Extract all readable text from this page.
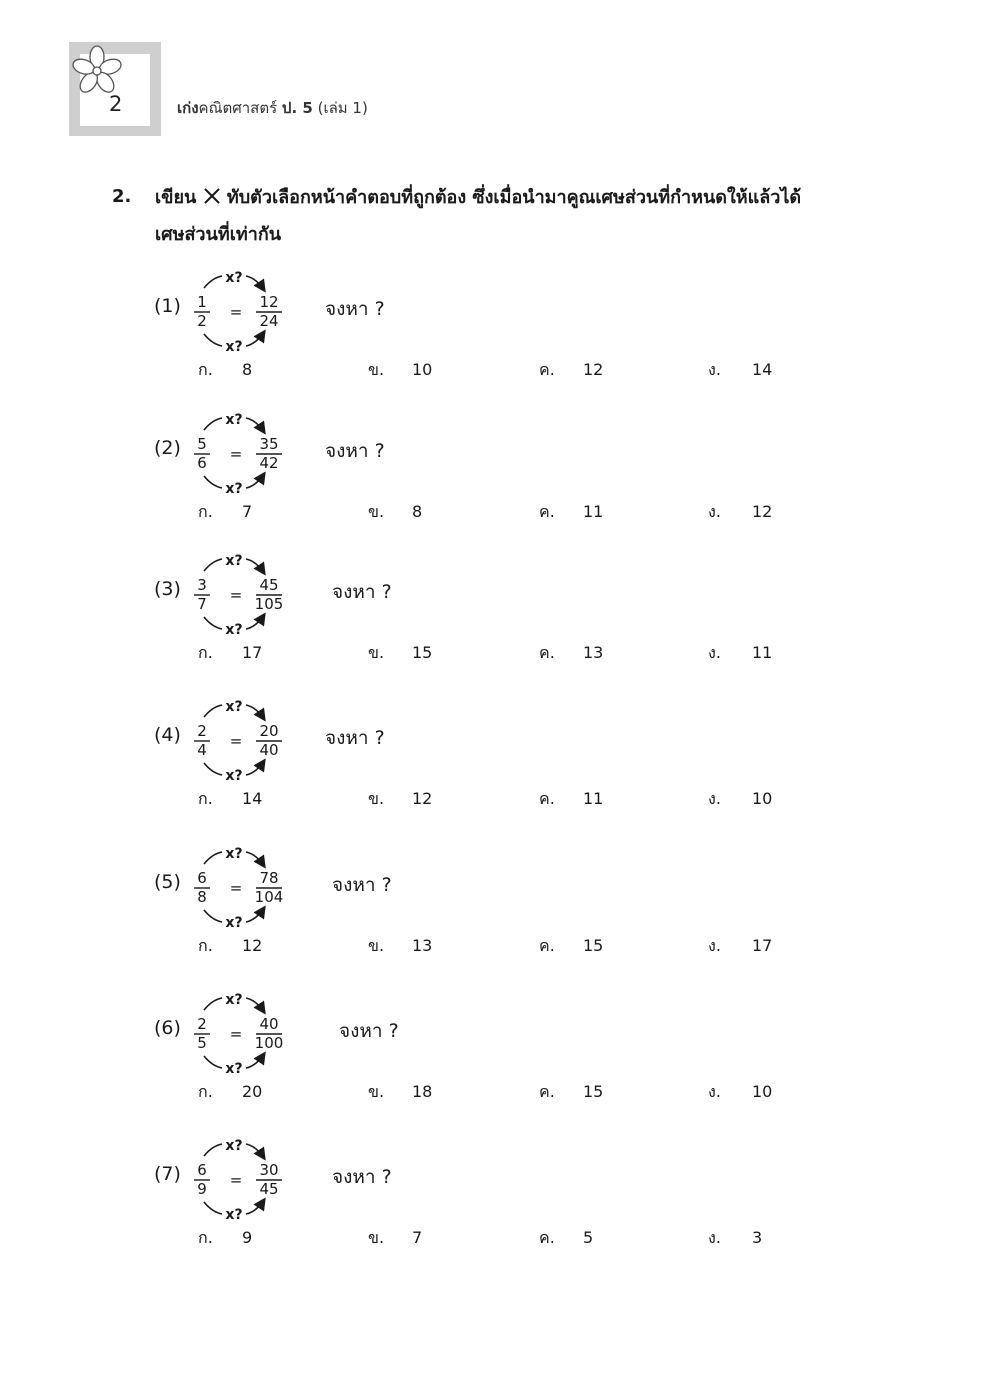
2	เก่งคณิตศาสตร์ ป. 5 (เล่ม 1)
2. เขียน ทับตัวเลือกหน้าคำตอบที่ถูกต้อง ซึ่งเมื่อนำมาคูณเศษส่วนที่กำหนดให้แล้วได้
เศษส่วนที่เท่ากัน
(1)
x?
1
2 =
12
24
x?
จงหา ?
ก. 8	ข. 10	ค. 12	ง. 14
(2)
x?
5
6 =
35
42
x?
จงหา ?
ก. 7	ข. 8	ค. 11	ง. 12
(3)
x?
3
7 =
45
105
x?
จงหา ?
ก. 17	ข. 15	ค. 13	ง. 11
(4)
x?
2
4 =
20
40
x?
จงหา ?
ก. 14	ข. 12	ค. 11	ง. 10
(5)
x?
6
8 =
78
104
x?
จงหา ?
ก. 12	ข. 13	ค. 15	ง. 17
(6)
x?
2
5 =
40
100
x?
จงหา ?
ก. 20	ข. 18	ค. 15	ง. 10
(7)
x?
6
9 =
30
45
x?
จงหา ?
ก. 9	ข. 7	ค. 5	ง. 3
